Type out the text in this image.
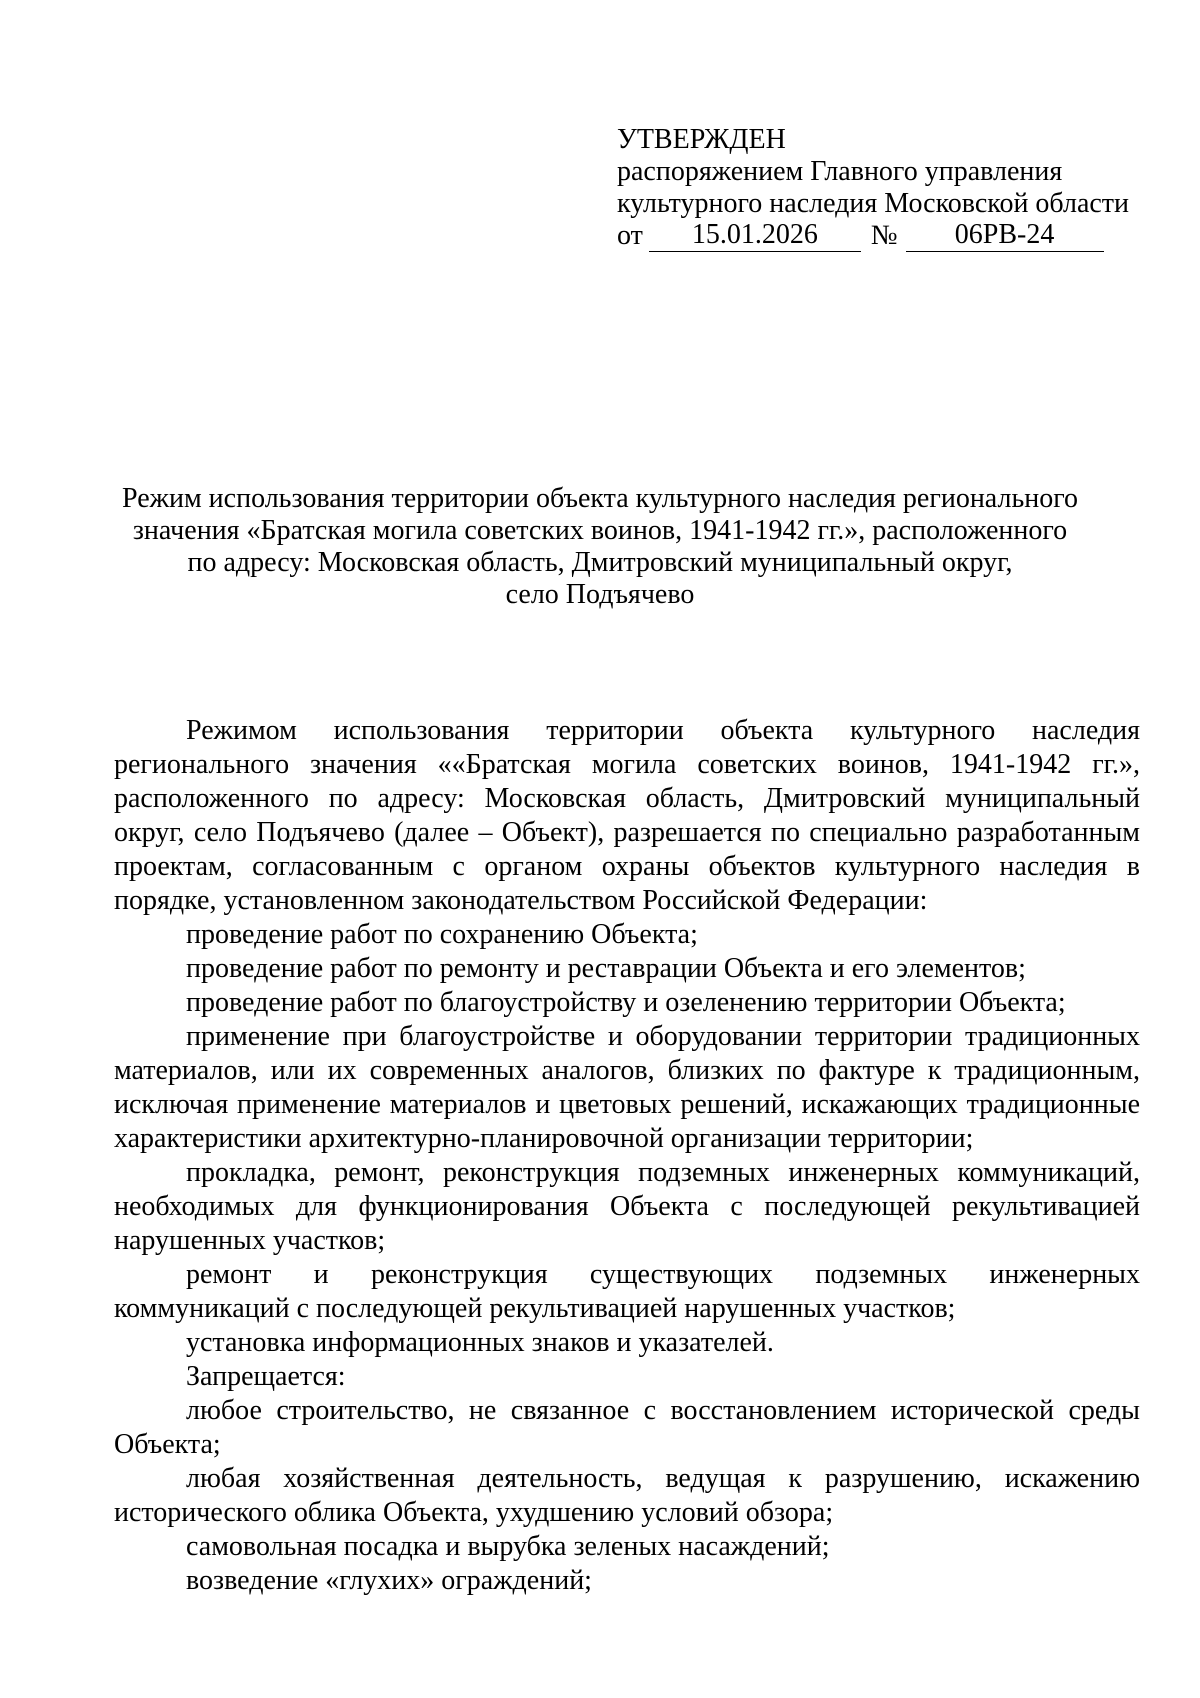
УТВЕРЖДЕН
распоряжением Главного управления
культурного наследия Московской области
от	15.01.2026	№	06РВ-24
Режим использования территории объекта культурного наследия регионального
значения «Братская могила советских воинов, 1941-1942 гг.», расположенного
по адресу: Московская область, Дмитровский муниципальный округ,
село Подъячево

Режимом использования территории объекта культурного наследия регионального значения ««Братская могила советских воинов, 1941-1942 гг.», расположенного по адресу: Московская область, Дмитровский муниципальный округ, село Подъячево (далее – Объект), разрешается по специально разработанным проектам, согласованным с органом охраны объектов культурного наследия в порядке, установленном законодательством Российской Федерации:

проведение работ по сохранению Объекта;

проведение работ по ремонту и реставрации Объекта и его элементов;

проведение работ по благоустройству и озеленению территории Объекта;

применение при благоустройстве и оборудовании территории традиционных материалов, или их современных аналогов, близких по фактуре к традиционным, исключая применение материалов и цветовых решений, искажающих традиционные характеристики архитектурно-планировочной организации территории;

прокладка, ремонт, реконструкция подземных инженерных коммуникаций, необходимых для функционирования Объекта с последующей рекультивацией нарушенных участков;

ремонт и реконструкция существующих подземных инженерных коммуникаций с последующей рекультивацией нарушенных участков;

установка информационных знаков и указателей.

Запрещается:

любое строительство, не связанное с восстановлением исторической среды Объекта;

любая хозяйственная деятельность, ведущая к разрушению, искажению исторического облика Объекта, ухудшению условий обзора;

самовольная посадка и вырубка зеленых насаждений;

возведение «глухих» ограждений;
